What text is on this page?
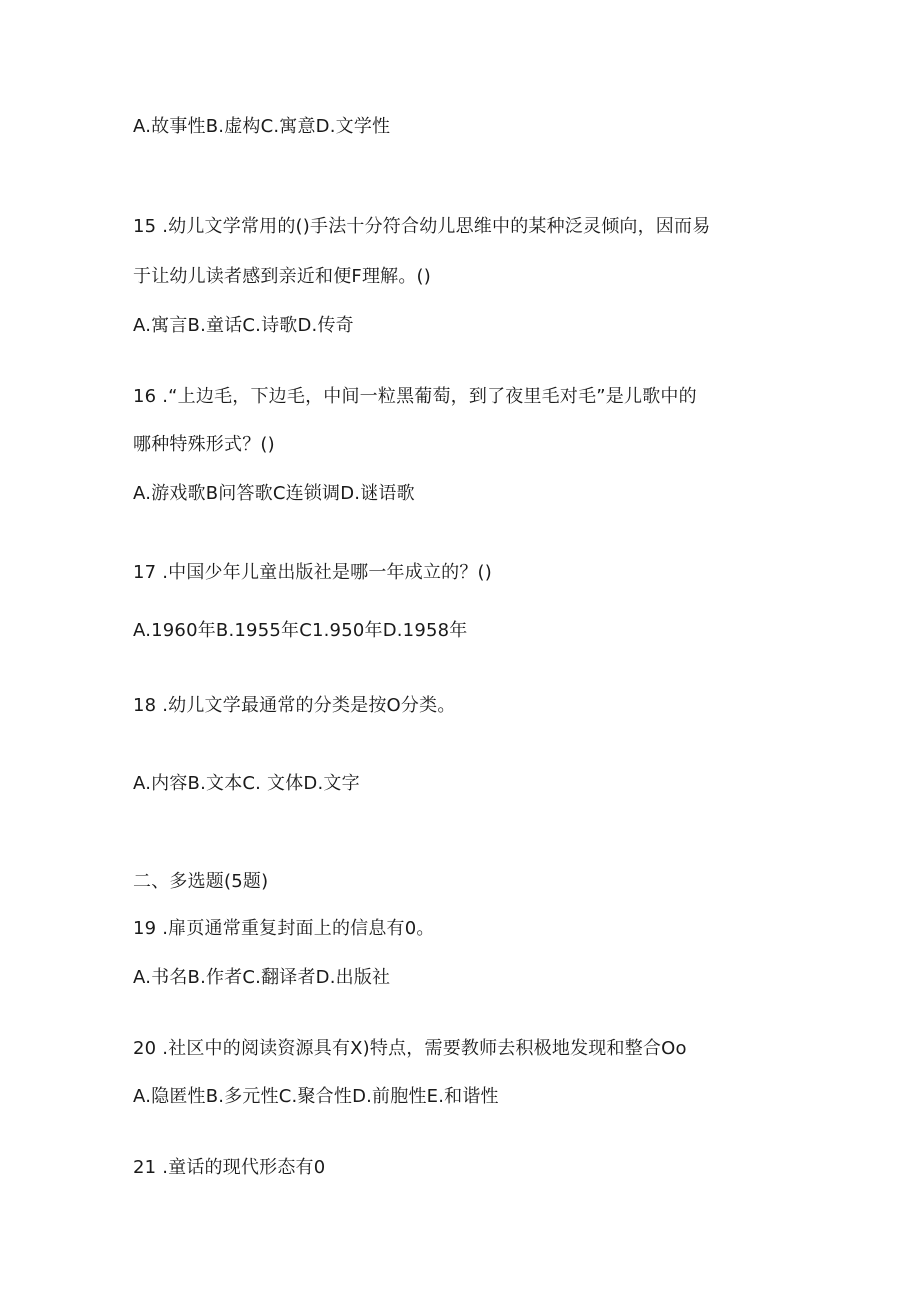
A.故事性B.虚构C.寓意D.文学性
15 .幼儿文学常用的()手法十分符合幼儿思维中的某种泛灵倾向，因而易
于让幼儿读者感到亲近和便F理解。()
A.寓言B.童话C.诗歌D.传奇
16 .“上边毛，下边毛，中间一粒黑葡萄，到了夜里毛对毛”是儿歌中的
哪种特殊形式？()
A.游戏歌B问答歌C连锁调D.谜语歌
17 .中国少年儿童出版社是哪一年成立的？()
A.1960年B.1955年C1.950年D.1958年
18 .幼儿文学最通常的分类是按O分类。
A.内容B.文本C. 文体D.文字
二、多选题(5题)
19 .扉页通常重复封面上的信息有0。
A.书名B.作者C.翻译者D.出版社
20 .社区中的阅读资源具有X)特点，需要教师去积极地发现和整合Oo
A.隐匿性B.多元性C.聚合性D.前胞性E.和谐性
21 .童话的现代形态有0
